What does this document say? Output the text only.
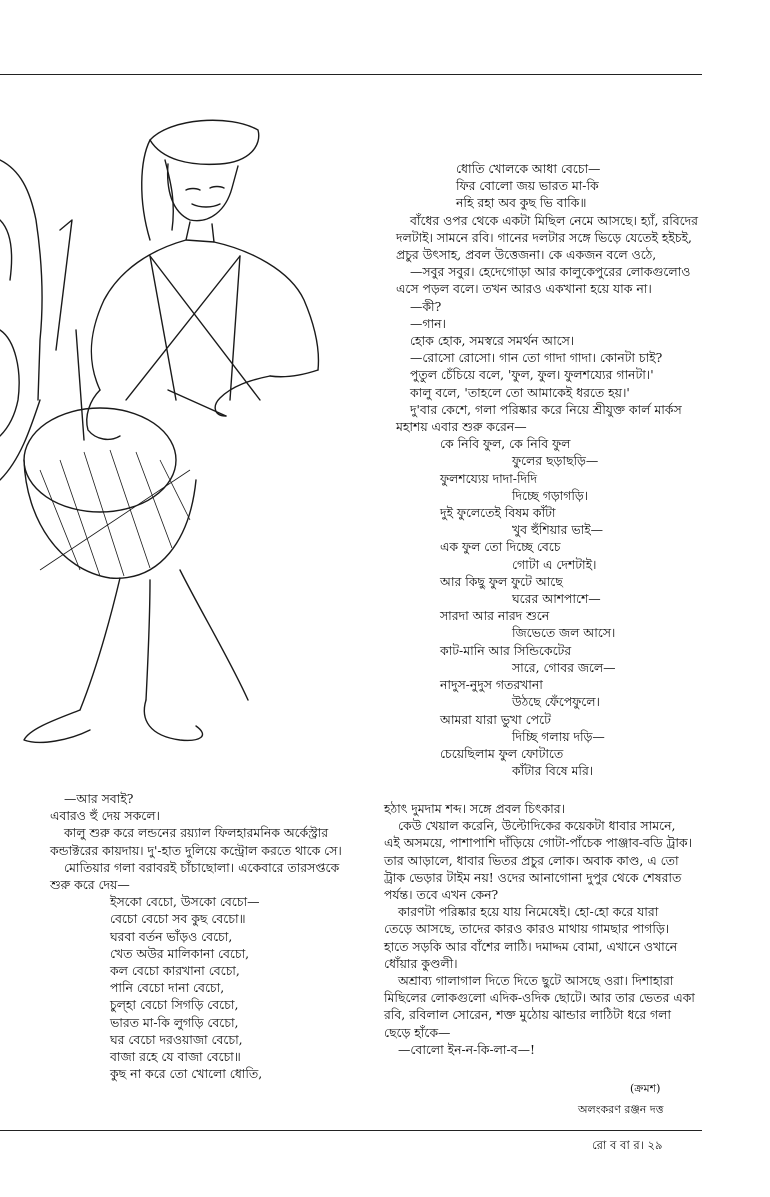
ধোতি খোলকে আধা বেচো—

ফির বোলো জয় ভারত মা-কি

নহি রহা অব কুছ ভি বাকি॥

বাঁধের ওপর থেকে একটা মিছিল নেমে আসছে। হ্যাঁ, রবিদের

দলটাই। সামনে রবি। গানের দলটার সঙ্গে ভিড়ে যেতেই হইচই,

প্রচুর উৎসাহ, প্রবল উত্তেজনা। কে একজন বলে ওঠে,

—সবুর সবুর। হেদেগোড়া আর কালুকেপুরের লোকগুলোও

এসে পড়ল বলে। তখন আরও একখানা হয়ে যাক না।

—কী?

—গান।

হোক হোক, সমস্বরে সমর্থন আসে।

—রোসো রোসো। গান তো গাদা গাদা। কোনটা চাই?

পুতুল চেঁচিয়ে বলে, 'ফুল, ফুল। ফুলশয্যের গানটা।'

কালু বলে, 'তাহলে তো আমাকেই ধরতে হয়।'

দু'বার কেশে, গলা পরিষ্কার করে নিয়ে শ্রীযুক্ত কার্ল মার্কস

মহাশয় এবার শুরু করেন—

কে নিবি ফুল, কে নিবি ফুল

ফুলের ছড়াছড়ি—

ফুলশয্যেয় দাদা-দিদি

দিচ্ছে গড়াগড়ি।

দুই ফুলেতেই বিষম কাঁটা

খুব হুঁশিয়ার ভাই—

এক ফুল তো দিচ্ছে বেচে

গোটা এ দেশটাই।

আর কিছু ফুল ফুটে আছে

ঘরের আশপাশে—

সারদা আর নারদ শুনে

জিভেতে জল আসে।

কাট-মানি আর সিন্ডিকেটের

সারে, গোবর জলে—

নাদুস-নুদুস গতরখানা

উঠছে ফেঁপেফুলে।

আমরা যারা ভুখা পেটে

দিচ্ছি গলায় দড়ি—

চেয়েছিলাম ফুল ফোটাতে

কাঁটার বিষে মরি।

—আর সবাই?

এবারও হুঁ দেয় সকলে।

কালু শুরু করে লন্ডনের রয়্যাল ফিলহারমনিক অর্কেস্ট্রার

কন্ডাক্টরের কায়দায়। দু'-হাত দুলিয়ে কন্ট্রোল করতে থাকে সে।

মোতিয়ার গলা বরাবরই চাঁচাছোলা। একেবারে তারসপ্তকে

শুরু করে দেয়—

ইসকো বেচো, উসকো বেচো—

বেচো বেচো সব কুছ বেচো॥

ঘরবা বর্তন ভাঁড়ও বেচো,

খেত অউর মালিকানা বেচো,

কল বেচো কারখানা বেচো,

পানি বেচো দানা বেচো,

চুল্হা বেচো সিগড়ি বেচো,

ভারত মা-কি লুগড়ি বেচো,

ঘর বেচো দরওয়াজা বেচো,

বাজা রহে যে বাজা বেচো॥

কুছ না করে তো খোলো ধোতি,

হঠাৎ দুমদাম শব্দ। সঙ্গে প্রবল চিৎকার।

কেউ খেয়াল করেনি, উল্টোদিকের কয়েকটা ধাবার সামনে,

এই অসময়ে, পাশাপাশি দাঁড়িয়ে গোটা-পাঁচেক পাঞ্জাব-বডি ট্রাক।

তার আড়ালে, ধাবার ভিতর প্রচুর লোক। অবাক কাণ্ড, এ তো

ট্রাক ভেড়ার টাইম নয়! ওদের আনাগোনা দুপুর থেকে শেষরাত

পর্যন্ত। তবে এখন কেন?

কারণটা পরিষ্কার হয়ে যায় নিমেষেই। হো-হো করে যারা

তেড়ে আসছে, তাদের কারও কারও মাথায় গামছার পাগড়ি।

হাতে সড়কি আর বাঁশের লাঠি। দমাদ্দম বোমা, এখানে ওখানে

ধোঁয়ার কুণ্ডলী।

অশ্রাব্য গালাগাল দিতে দিতে ছুটে আসছে ওরা। দিশাহারা

মিছিলের লোকগুলো এদিক-ওদিক ছোটে। আর তার ভেতর একা

রবি, রবিলাল সোরেন, শক্ত মুঠোয় ঝান্ডার লাঠিটা ধরে গলা

ছেড়ে হাঁকে—

—বোলো ইন-ন-কি-লা-ব—!

(ক্রমশ)
অলংকরণ রঞ্জন দত্ত
রো ব বা র। ২৯
